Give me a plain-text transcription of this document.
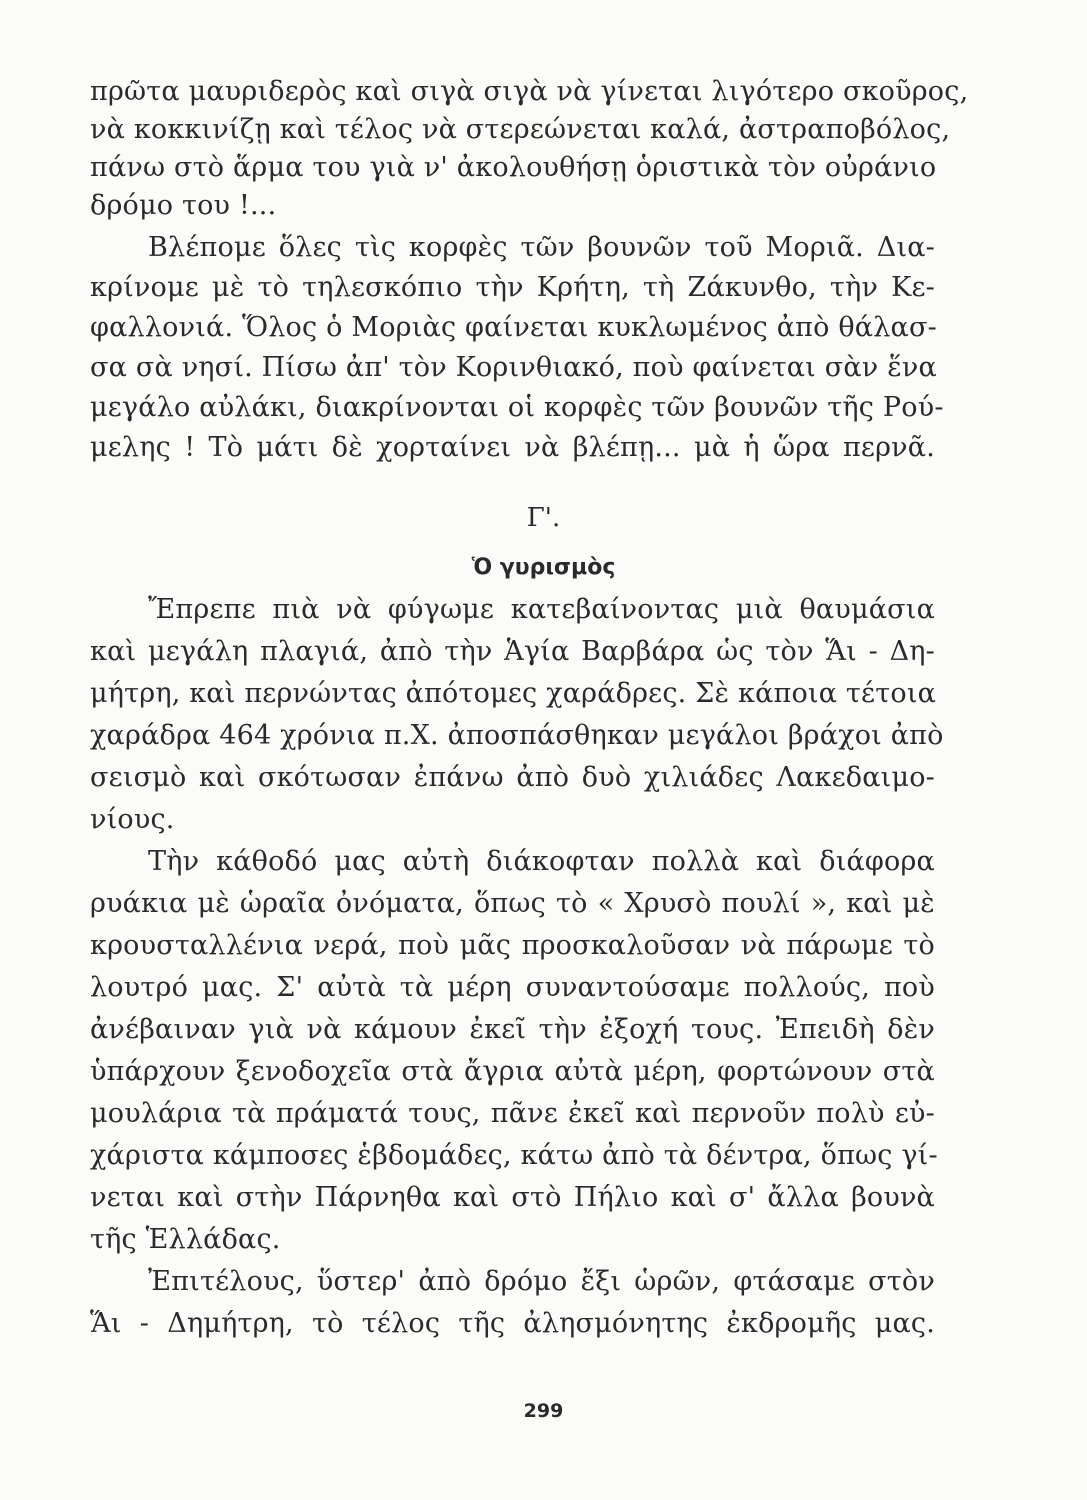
πρῶτα μαυριδερὸς καὶ σιγὰ σιγὰ νὰ γίνεται λιγότερο σκοῦρος,
νὰ κοκκινίζῃ καὶ τέλος νὰ στερεώνεται καλά, ἀστραποβόλος,
πάνω στὸ ἅρμα του γιὰ ν' ἀκολουθήσῃ ὁριστικὰ τὸν οὐράνιο
δρόμο του !...
Βλέπομε ὅλες τὶς κορφὲς τῶν βουνῶν τοῦ Μοριᾶ. Δια-
κρίνομε μὲ τὸ τηλεσκόπιο τὴν Κρήτη, τὴ Ζάκυνθο, τὴν Κε-
φαλλονιά. Ὅλος ὁ Μοριὰς φαίνεται κυκλωμένος ἀπὸ θάλασ-
σα σὰ νησί. Πίσω ἀπ' τὸν Κορινθιακό, ποὺ φαίνεται σὰν ἕνα
μεγάλο αὐλάκι, διακρίνονται οἱ κορφὲς τῶν βουνῶν τῆς Ρού-
μελης ! Τὸ μάτι δὲ χορταίνει νὰ βλέπῃ... μὰ ἡ ὥρα περνᾶ.
Γ'.
Ὁ γυρισμὸς
Ἔπρεπε πιὰ νὰ φύγωμε κατεβαίνοντας μιὰ θαυμάσια
καὶ μεγάλη πλαγιά, ἀπὸ τὴν Ἁγία Βαρβάρα ὡς τὸν Ἅι - Δη-
μήτρη, καὶ περνώντας ἀπότομες χαράδρες. Σὲ κάποια τέτοια
χαράδρα 464 χρόνια π.Χ. ἀποσπάσθηκαν μεγάλοι βράχοι ἀπὸ
σεισμὸ καὶ σκότωσαν ἐπάνω ἀπὸ δυὸ χιλιάδες Λακεδαιμο-
νίους.
Τὴν κάθοδό μας αὐτὴ διάκοφταν πολλὰ καὶ διάφορα
ρυάκια μὲ ὡραῖα ὀνόματα, ὅπως τὸ « Χρυσὸ πουλί », καὶ μὲ
κρουσταλλένια νερά, ποὺ μᾶς προσκαλοῦσαν νὰ πάρωμε τὸ
λουτρό μας. Σ' αὐτὰ τὰ μέρη συναντούσαμε πολλούς, ποὺ
ἀνέβαιναν γιὰ νὰ κάμουν ἐκεῖ τὴν ἐξοχή τους. Ἐπειδὴ δὲν
ὑπάρχουν ξενοδοχεῖα στὰ ἄγρια αὐτὰ μέρη, φορτώνουν στὰ
μουλάρια τὰ πράματά τους, πᾶνε ἐκεῖ καὶ περνοῦν πολὺ εὐ-
χάριστα κάμποσες ἑβδομάδες, κάτω ἀπὸ τὰ δέντρα, ὅπως γί-
νεται καὶ στὴν Πάρνηθα καὶ στὸ Πήλιο καὶ σ' ἄλλα βουνὰ
τῆς Ἑλλάδας.
Ἐπιτέλους, ὕστερ' ἀπὸ δρόμο ἔξι ὡρῶν, φτάσαμε στὸν
Ἅι - Δημήτρη, τὸ τέλος τῆς ἀλησμόνητης ἐκδρομῆς μας.
299
